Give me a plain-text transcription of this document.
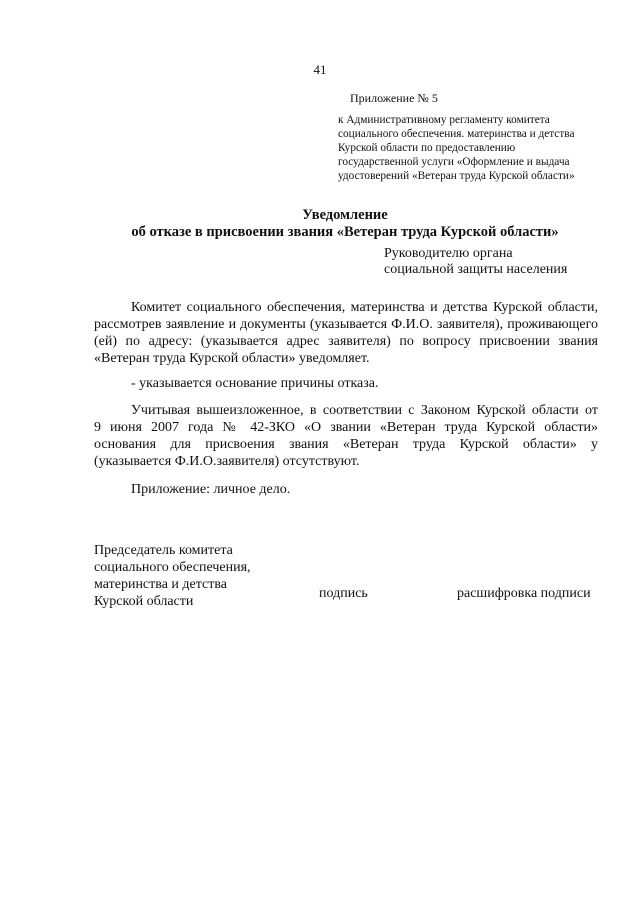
41
Приложение № 5
к Административному регламенту комитета
социального обеспечения. материнства и детства
Курской области по предоставлению
государственной услуги «Оформление и выдача
удостоверений «Ветеран труда Курской области»
Уведомление
об отказе в присвоении звания «Ветеран труда Курской области»
Руководителю органа
социальной защиты населения
Комитет социального обеспечения, материнства и детства Курской области,
рассмотрев заявление и документы (указывается Ф.И.О. заявителя), проживающего
(ей) по адресу: (указывается адрес заявителя) по вопросу присвоении звания
«Ветеран труда Курской области» уведомляет.
- указывается основание причины отказа.
Учитывая вышеизложенное, в соответствии с Законом Курской области от
9 июня 2007 года № 42-ЗКО «О звании «Ветеран труда Курской области»
основания для присвоения звания «Ветеран труда Курской области» у
(указывается Ф.И.О.заявителя) отсутствуют.
Приложение: личное дело.
Председатель комитета
социального обеспечения,
материнства и детства
Курской области
подпись	расшифровка подписи
